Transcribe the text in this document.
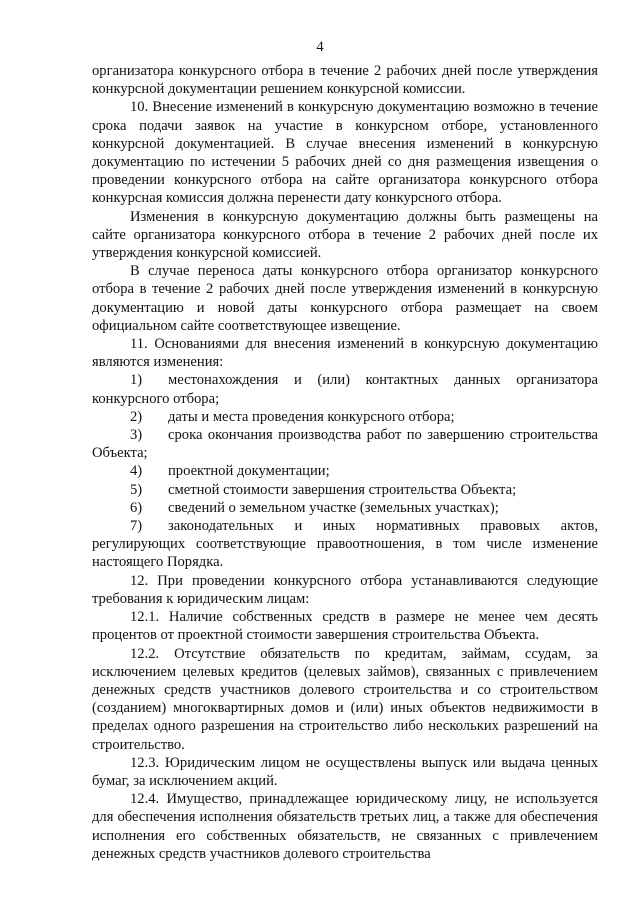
4

организатора конкурсного отбора в течение 2 рабочих дней после утверждения конкурсной документации решением конкурсной комиссии.

10. Внесение изменений в конкурсную документацию возможно в течение срока подачи заявок на участие в конкурсном отборе, установленного конкурсной документацией. В случае внесения изменений в конкурсную документацию по истечении 5 рабочих дней со дня размещения извещения о проведении конкурсного отбора на сайте организатора конкурсного отбора конкурсная комиссия должна перенести дату конкурсного отбора.

Изменения в конкурсную документацию должны быть размещены на сайте организатора конкурсного отбора в течение 2 рабочих дней после их утверждения конкурсной комиссией.

В случае переноса даты конкурсного отбора организатор конкурсного отбора в течение 2 рабочих дней после утверждения изменений в конкурсную документацию и новой даты конкурсного отбора размещает на своем официальном сайте соответствующее извещение.

11. Основаниями для внесения изменений в конкурсную документацию являются изменения:

1) местонахождения и (или) контактных данных организатора конкурсного отбора;
2)	даты и места проведения конкурсного отбора;
3) срока окончания производства работ по завершению строительства Объекта;
4)	проектной документации;
5)	сметной стоимости завершения строительства Объекта;
6)	сведений о земельном участке (земельных участках);
7) законодательных и иных нормативных правовых актов, регулирующих соответствующие правоотношения, в том числе изменение настоящего Порядка.

12. При проведении конкурсного отбора устанавливаются следующие требования к юридическим лицам:

12.1. Наличие собственных средств в размере не менее чем десять процентов от проектной стоимости завершения строительства Объекта.

12.2. Отсутствие обязательств по кредитам, займам, ссудам, за исключением целевых кредитов (целевых займов), связанных с привлечением денежных средств участников долевого строительства и со строительством (созданием) многоквартирных домов и (или) иных объектов недвижимости в пределах одного разрешения на строительство либо нескольких разрешений на строительство.

12.3. Юридическим лицом не осуществлены выпуск или выдача ценных бумаг, за исключением акций.

12.4. Имущество, принадлежащее юридическому лицу, не используется для обеспечения исполнения обязательств третьих лиц, а также для обеспечения исполнения его собственных обязательств, не связанных с привлечением денежных средств участников долевого строительства
